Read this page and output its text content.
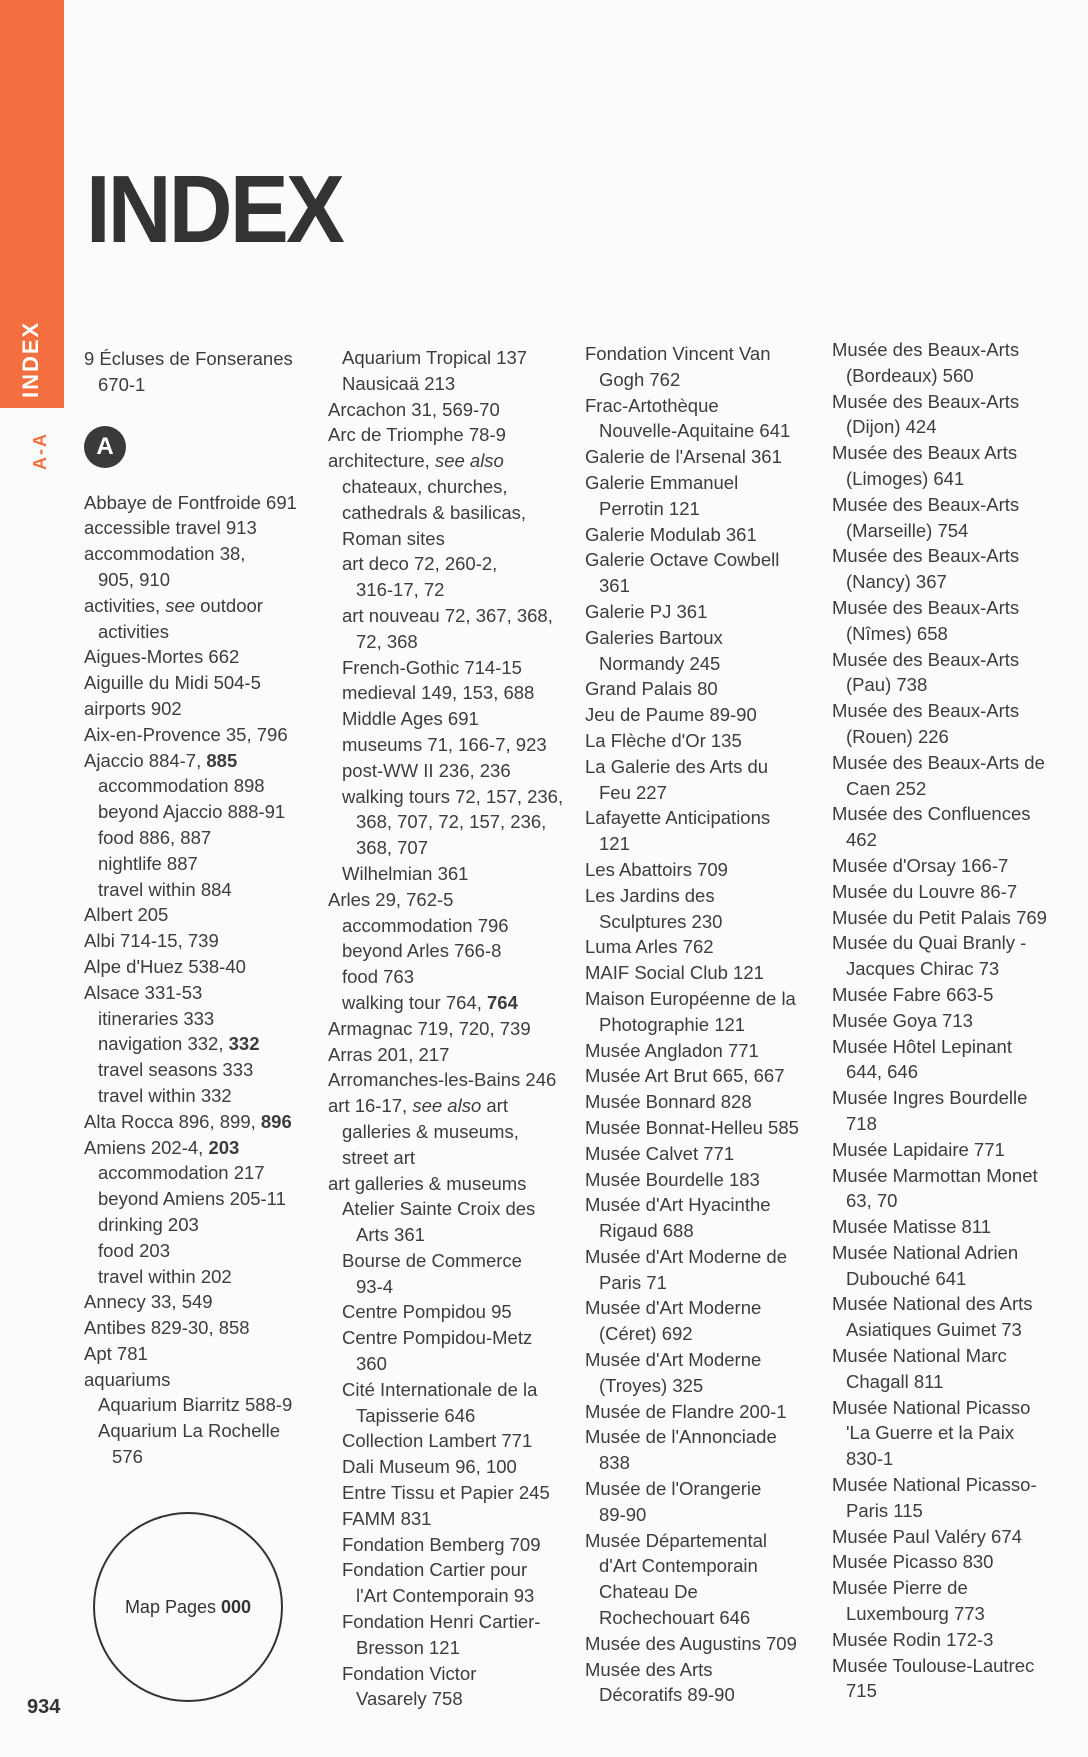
INDEX
A-A
INDEX
9 Écluses de Fonseranes
670-1
A
Abbaye de Fontfroide 691
accessible travel 913
accommodation 38,
905, 910
activities, see outdoor
activities
Aigues-Mortes 662
Aiguille du Midi 504-5
airports 902
Aix-en-Provence 35, 796
Ajaccio 884-7, 885
accommodation 898
beyond Ajaccio 888-91
food 886, 887
nightlife 887
travel within 884
Albert 205
Albi 714-15, 739
Alpe d'Huez 538-40
Alsace 331-53
itineraries 333
navigation 332, 332
travel seasons 333
travel within 332
Alta Rocca 896, 899, 896
Amiens 202-4, 203
accommodation 217
beyond Amiens 205-11
drinking 203
food 203
travel within 202
Annecy 33, 549
Antibes 829-30, 858
Apt 781
aquariums
Aquarium Biarritz 588-9
Aquarium La Rochelle
576
Aquarium Tropical 137
Nausicaä 213
Arcachon 31, 569-70
Arc de Triomphe 78-9
architecture, see also
chateaux, churches,
cathedrals & basilicas,
Roman sites
art deco 72, 260-2,
316-17, 72
art nouveau 72, 367, 368,
72, 368
French-Gothic 714-15
medieval 149, 153, 688
Middle Ages 691
museums 71, 166-7, 923
post-WW II 236, 236
walking tours 72, 157, 236,
368, 707, 72, 157, 236,
368, 707
Wilhelmian 361
Arles 29, 762-5
accommodation 796
beyond Arles 766-8
food 763
walking tour 764, 764
Armagnac 719, 720, 739
Arras 201, 217
Arromanches-les-Bains 246
art 16-17, see also art
galleries & museums,
street art
art galleries & museums
Atelier Sainte Croix des
Arts 361
Bourse de Commerce
93-4
Centre Pompidou 95
Centre Pompidou-Metz
360
Cité Internationale de la
Tapisserie 646
Collection Lambert 771
Dali Museum 96, 100
Entre Tissu et Papier 245
FAMM 831
Fondation Bemberg 709
Fondation Cartier pour
l'Art Contemporain 93
Fondation Henri Cartier-
Bresson 121
Fondation Victor
Vasarely 758
Fondation Vincent Van
Gogh 762
Frac-Artothèque
Nouvelle-Aquitaine 641
Galerie de l'Arsenal 361
Galerie Emmanuel
Perrotin 121
Galerie Modulab 361
Galerie Octave Cowbell
361
Galerie PJ 361
Galeries Bartoux
Normandy 245
Grand Palais 80
Jeu de Paume 89-90
La Flèche d'Or 135
La Galerie des Arts du
Feu 227
Lafayette Anticipations
121
Les Abattoirs 709
Les Jardins des
Sculptures 230
Luma Arles 762
MAIF Social Club 121
Maison Européenne de la
Photographie 121
Musée Angladon 771
Musée Art Brut 665, 667
Musée Bonnard 828
Musée Bonnat-Helleu 585
Musée Calvet 771
Musée Bourdelle 183
Musée d'Art Hyacinthe
Rigaud 688
Musée d'Art Moderne de
Paris 71
Musée d'Art Moderne
(Céret) 692
Musée d'Art Moderne
(Troyes) 325
Musée de Flandre 200-1
Musée de l'Annonciade
838
Musée de l'Orangerie
89-90
Musée Départemental
d'Art Contemporain
Chateau De
Rochechouart 646
Musée des Augustins 709
Musée des Arts
Décoratifs 89-90
Musée des Beaux-Arts
(Bordeaux) 560
Musée des Beaux-Arts
(Dijon) 424
Musée des Beaux Arts
(Limoges) 641
Musée des Beaux-Arts
(Marseille) 754
Musée des Beaux-Arts
(Nancy) 367
Musée des Beaux-Arts
(Nîmes) 658
Musée des Beaux-Arts
(Pau) 738
Musée des Beaux-Arts
(Rouen) 226
Musée des Beaux-Arts de
Caen 252
Musée des Confluences
462
Musée d'Orsay 166-7
Musée du Louvre 86-7
Musée du Petit Palais 769
Musée du Quai Branly -
Jacques Chirac 73
Musée Fabre 663-5
Musée Goya 713
Musée Hôtel Lepinant
644, 646
Musée Ingres Bourdelle
718
Musée Lapidaire 771
Musée Marmottan Monet
63, 70
Musée Matisse 811
Musée National Adrien
Dubouché 641
Musée National des Arts
Asiatiques Guimet 73
Musée National Marc
Chagall 811
Musée National Picasso
'La Guerre et la Paix
830-1
Musée National Picasso-
Paris 115
Musée Paul Valéry 674
Musée Picasso 830
Musée Pierre de
Luxembourg 773
Musée Rodin 172-3
Musée Toulouse-Lautrec
715
Map Pages 000
934
